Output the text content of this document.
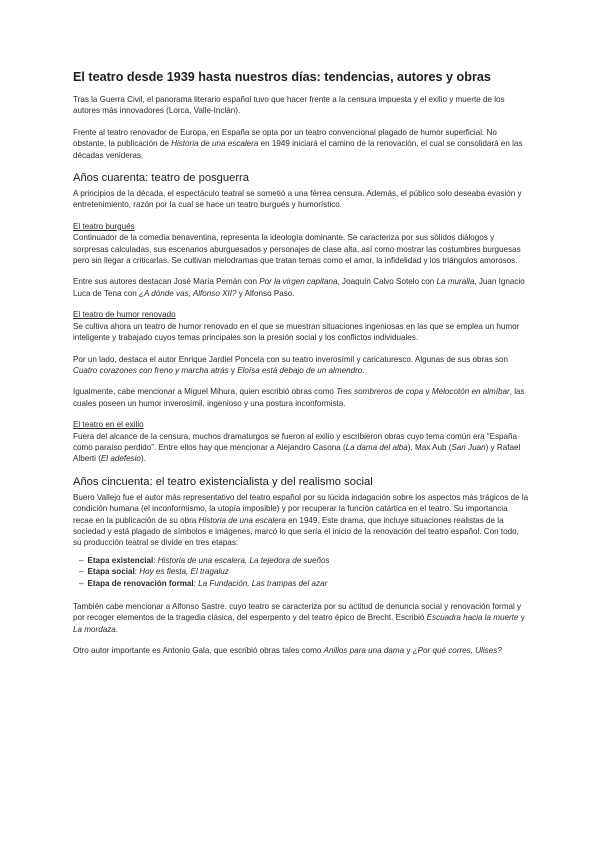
El teatro desde 1939 hasta nuestros días: tendencias, autores y obras

Tras la Guerra Civil, el panorama literario español tuvo que hacer frente a la censura impuesta y el exilio y muerte de los autores más innovadores (Lorca, Valle-Inclán).

Frente al teatro renovador de Europa, en España se opta por un teatro convencional plagado de humor superficial. No obstante, la publicación de Historia de una escalera en 1949 iniciará el camino de la renovación, el cual se consolidará en las décadas venideras.

Años cuarenta: teatro de posguerra

A principios de la década, el espectáculo teatral se sometió a una férrea censura. Además, el público solo deseaba evasión y entretenimiento, razón por la cual se hace un teatro burgués y humorístico.

El teatro burgués

Continuador de la comedia benaventina, representa la ideología dominante. Se caracteriza por sus sólidos diálogos y sorpresas calculadas, sus escenarios aburguesados y personajes de clase alta, así como mostrar las costumbres burguesas pero sin llegar a criticarlas. Se cultivan melodramas que tratan temas como el amor, la infidelidad y los triángulos amorosos.

Entre sus autores destacan José María Pemán con Por la virgen capitana, Joaquín Calvo Sotelo con La muralla, Juan Ignacio Luca de Tena con ¿A dónde vas, Alfonso XII? y Alfonso Paso.

El teatro de humor renovado

Se cultiva ahora un teatro de humor renovado en el que se muestran situaciones ingeniosas en las que se emplea un humor inteligente y trabajado cuyos temas principales son la presión social y los conflictos individuales.

Por un lado, destaca el autor Enrique Jardiel Poncela con su teatro inverosímil y caricaturesco. Algunas de sus obras son Cuatro corazones con freno y marcha atrás y Eloísa está debajo de un almendro.

Igualmente, cabe mencionar a Miguel Mihura, quien escribió obras como Tres sombreros de copa y Melocotón en almíbar, las cuales poseen un humor inverosímil, ingenioso y una postura inconformista.

El teatro en el exilio

Fuera del alcance de la censura, muchos dramaturgos se fueron al exilio y escribieron obras cuyo tema común era “España como paraíso perdido”. Entre ellos hay que mencionar a Alejandro Casona (La dama del alba), Max Aub (San Juan) y Rafael Alberti (El adefesio).

Años cincuenta: el teatro existencialista y del realismo social

Buero Vallejo fue el autor más representativo del teatro español por su lúcida indagación sobre los aspectos más trágicos de la condición humana (el inconformismo, la utopía imposible) y por recuperar la función catártica en el teatro. Su importancia recae en la publicación de su obra Historia de una escalera en 1949. Este drama, que incluye situaciones realistas de la sociedad y está plagado de símbolos e imágenes, marcó lo que sería el inicio de la renovación del teatro español. Con todo, su producción teatral se divide en tres etapas:

– Etapa existencial: Historia de una escalera, La tejedora de sueños
– Etapa social: Hoy es fiesta, El tragaluz
– Etapa de renovación formal: La Fundación, Las trampas del azar

También cabe mencionar a Alfonso Sastre. cuyo teatro se caracteriza por su actitud de denuncia social y renovación formal y por recoger elementos de la tragedia clásica, del esperpento y del teatro épico de Brecht. Escribió Escuadra hacia la muerte y La mordaza.

Otro autor importante es Antonio Gala, que escribió obras tales como Anillos para una dama y ¿Por qué corres, Ulises?
